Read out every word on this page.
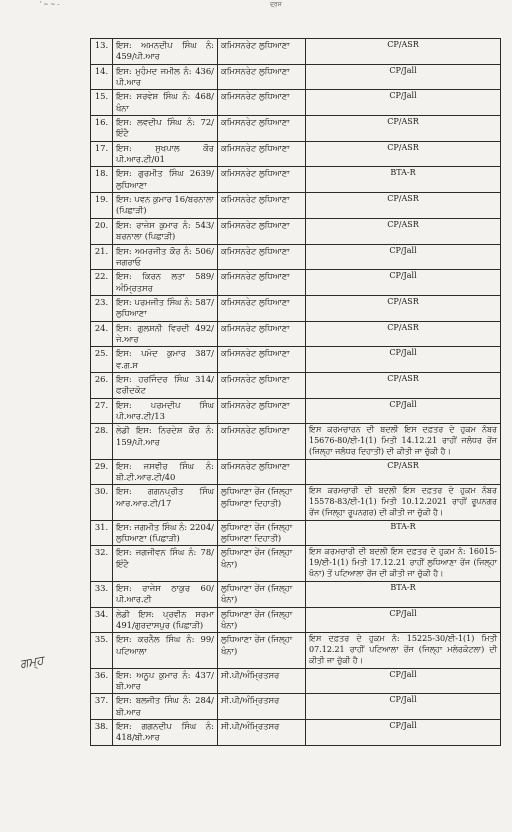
' ~ ~ -	ਦ੍ਰਸ
ਗਮ੍ਹ
13.	ਇਸ: ਅਮਨਦੀਪ ਸਿੰਘ ਨੰ: 459/ਪੀ.ਆਰ	ਕਮਿਸਨਰੇਟ ਲੁਧਿਆਣਾ	CP/ASR
14.	ਇਸ: ਮੁਹੰਮਦ ਜਮੀਲ ਨੰ: 436/ਪੀ.ਆਰ	ਕਮਿਸਨਰੇਟ ਲੁਧਿਆਣਾ	CP/Jall
15.	ਇਸ: ਸਰਵੇਸ਼ ਸਿੰਘ ਨੰ: 468/ਖੰਨਾ	ਕਮਿਸਨਰੇਟ ਲੁਧਿਆਣਾ	CP/Jall
16.	ਇਸ: ਲਵਦੀਪ ਸਿੰਘ ਨੰ: 72/ਇੰਟੈ	ਕਮਿਸਨਰੇਟ ਲੁਧਿਆਣਾ	CP/ASR
17.	ਇਸ: ਸੁਖਪਾਲ ਕੌਰ ਪੀ.ਆਰ.ਟੀ/01	ਕਮਿਸਨਰੇਟ ਲੁਧਿਆਣਾ	CP/ASR
18.	ਇਸ: ਗੁਰਮੀਤ ਸਿੰਘ 2639/ਲੁਧਿਆਣਾ	ਕਮਿਸਨਰੇਟ ਲੁਧਿਆਣਾ	BTA-R
19.	ਇਸ: ਪਵਨ ਕੁਮਾਰ 16/ਬਰਨਾਲਾ (ਪਿਛਾੜੀ)	ਕਮਿਸਨਰੇਟ ਲੁਧਿਆਣਾ	CP/ASR
20.	ਇਸ: ਰਾਜੇਸ ਕੁਮਾਰ ਨੰ: 543/ਬਰਨਾਲਾ (ਪਿਛਾੜੀ)	ਕਮਿਸਨਰੇਟ ਲੁਧਿਆਣਾ	CP/ASR
21.	ਇਸ: ਅਮਰਜੀਤ ਕੌਰ ਨੰ: 506/ਜਗਰਾਓ	ਕਮਿਸਨਰੇਟ ਲੁਧਿਆਣਾ	CP/Jall
22.	ਇਸ: ਕਿਰਨ ਲਤਾ 589/ਅੰਮ੍ਰਿਤਸਰ	ਕਮਿਸਨਰੇਟ ਲੁਧਿਆਣਾ	CP/Jall
23.	ਇਸ: ਪਰਮਜੀਤ ਸਿੰਘ ਨੰ: 587/ਲੁਧਿਆਣਾ	ਕਮਿਸਨਰੇਟ ਲੁਧਿਆਣਾ	CP/ASR
24.	ਇਸ: ਗੁਲਸ਼ਨੀ ਵਿਰਦੀ 492/ਜੇ.ਆਰ	ਕਮਿਸਨਰੇਟ ਲੁਧਿਆਣਾ	CP/ASR
25.	ਇਸ: ਪਮੋਦ ਕੁਮਾਰ 387/ਵ.ਗ.ਸ	ਕਮਿਸਨਰੇਟ ਲੁਧਿਆਣਾ	CP/Jall
26.	ਇਸ: ਹਰਜਿੰਦਰ ਸਿੰਘ 314/ਫਰੀਦਕੋਟ	ਕਮਿਸਨਰੇਟ ਲੁਧਿਆਣਾ	CP/ASR
27.	ਇਸ: ਪਰਮਦੀਪ ਸਿੰਘ ਪੀ.ਆਰ.ਟੀ/13	ਕਮਿਸਨਰੇਟ ਲੁਧਿਆਣਾ	CP/Jall
28.	ਲੇਡੀ ਇਸ: ਨਿਰਦੇਸ਼ ਕੌਰ ਨੰ: 159/ਪੀ.ਆਰ	ਕਮਿਸਨਰੇਟ ਲੁਧਿਆਣਾ	ਇਸ ਕਰਮਚਾਰਨ ਦੀ ਬਦਲੀ ਇਸ ਦਫ਼ਤਰ ਦੇ ਹੁਕਮ ਨੰਬਰ 15676-80/ਈ-1(1) ਮਿਤੀ 14.12.21 ਰਾਹੀਂ ਜਲੰਧਰ ਰੇਂਜ (ਜਿਲ੍ਹਾ ਜਲੰਧਰ ਦਿਹਾਤੀ) ਦੀ ਕੀਤੀ ਜਾ ਚੁੱਕੀ ਹੈ।
29.	ਇਸ: ਜਸਵੀਰ ਸਿੰਘ ਨੰ: ਬੀ.ਟੀ.ਆਰ.ਟੀ/40	ਕਮਿਸਨਰੇਟ ਲੁਧਿਆਣਾ	CP/ASR
30.	ਇਸ: ਗਗਨਪ੍ਰੀਤ ਸਿੰਘ ਆਰ.ਆਰ.ਟੀ/17	ਲੁਧਿਆਣਾ ਰੇਂਜ (ਜਿਲ੍ਹਾ ਲੁਧਿਆਣਾ ਦਿਹਾਤੀ)	ਇਸ ਕਰਮਚਾਰੀ ਦੀ ਬਦਲੀ ਇਸ ਦਫ਼ਤਰ ਦੇ ਹੁਕਮ ਨੰਬਰ 15578-83/ਈ-1(1) ਮਿਤੀ 10.12.2021 ਰਾਹੀਂ ਰੂਪਨਗਰ ਰੇਂਜ (ਜਿਲ੍ਹਾ ਰੂਪਨਗਰ) ਦੀ ਕੀਤੀ ਜਾ ਚੁੱਕੀ ਹੈ।
31.	ਇਸ: ਜਗਮੀਤ ਸਿੰਘ ਨੰ: 2204/ਲੁਧਿਆਣਾ (ਪਿਛਾੜੀ)	ਲੁਧਿਆਣਾ ਰੇਂਜ (ਜਿਲ੍ਹਾ ਲੁਧਿਆਣਾ ਦਿਹਾਤੀ)	BTA-R
32.	ਇਸ: ਜਗਜੀਵਨ ਸਿੰਘ ਨੰ: 78/ਇੰਟੈ	ਲੁਧਿਆਣਾ ਰੇਂਜ (ਜਿਲ੍ਹਾ ਖੰਨਾ)	ਇਸ ਕਰਮਚਾਰੀ ਦੀ ਬਦਲੀ ਇਸ ਦਫ਼ਤਰ ਦੇ ਹੁਕਮ ਨੰ: 16015-19/ਈ-1(1) ਮਿਤੀ 17.12.21 ਰਾਹੀਂ ਲੁਧਿਆਣਾ ਰੇਂਜ (ਜਿਲ੍ਹਾ ਖੰਨਾ) ਤੋਂ ਪਟਿਆਲਾ ਰੇਂਜ ਦੀ ਕੀਤੀ ਜਾ ਚੁੱਕੀ ਹੈ।
33.	ਇਸ: ਰਾਜੇਸ ਠਾਕੁਰ 60/ਪੀ.ਆਰ.ਟੀ	ਲੁਧਿਆਣਾ ਰੇਂਜ (ਜਿਲ੍ਹਾ ਖੰਨਾ)	BTA-R
34.	ਲੇਡੀ ਇਸ: ਪ੍ਰਵੀਨ ਸਰਮਾ 491/ਗੁਰਦਾਸਪੁਰ (ਪਿਛਾੜੀ)	ਲੁਧਿਆਣਾ ਰੇਂਜ (ਜਿਲ੍ਹਾ ਖੰਨਾ)	CP/Jall
35.	ਇਸ: ਕਰਨੈਲ ਸਿੰਘ ਨੰ: 99/ਪਟਿਆਲਾ	ਲੁਧਿਆਣਾ ਰੇਂਜ (ਜਿਲ੍ਹਾ ਖੰਨਾ)	ਇਸ ਦਫ਼ਤਰ ਦੇ ਹੁਕਮ ਨੰ: 15225-30/ਈ-1(1) ਮਿਤੀ 07.12.21 ਰਾਹੀਂ ਪਟਿਆਲਾ ਰੇਂਜ (ਜਿਲ੍ਹਾ ਮਲੇਰਕੋਟਲਾ) ਦੀ ਕੀਤੀ ਜਾ ਚੁੱਕੀ ਹੈ।
36.	ਇਸ: ਅਨੂਪ ਕੁਮਾਰ ਨੰ: 437/ਬੀ.ਆਰ	ਸੀ.ਪੀ/ਅੰਮ੍ਰਿਤਸਰ	CP/Jall
37.	ਇਸ: ਬਲਜੀਤ ਸਿੰਘ ਨੰ: 284/ਬੀ.ਆਰ	ਸੀ.ਪੀ/ਅੰਮ੍ਰਿਤਸਰ	CP/Jall
38.	ਇਸ: ਗਗਨਦੀਪ ਸਿੰਘ ਨੰ: 418/ਬੀ.ਆਰ	ਸੀ.ਪੀ/ਅੰਮ੍ਰਿਤਸਰ	CP/Jall
